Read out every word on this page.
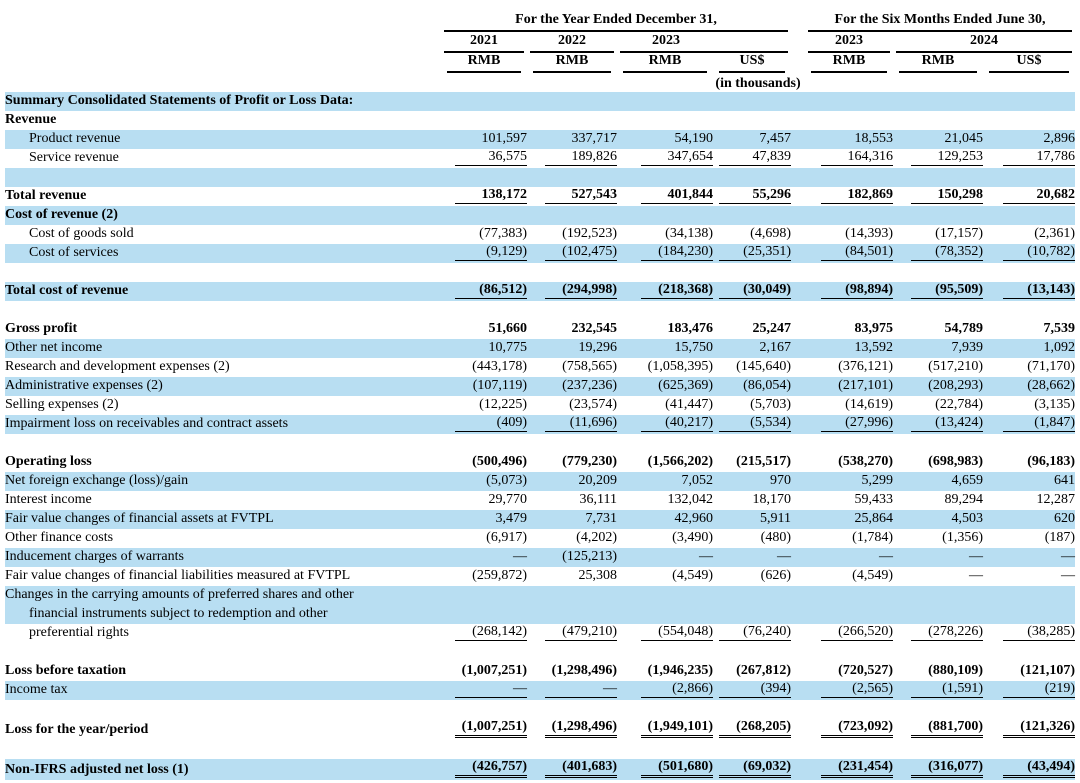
	For the Year Ended December 31,					For the Six Months Ended June 30,		

	2021	2022	2023			2023	2024	

	RMB	RMB	RMB	US$		RMB	RMB	US$

	(in thousands)							
Summary Consolidated Statements of Profit or Loss Data:								
Revenue								
Product revenue	101,597	337,717	54,190	7,457		18,553	21,045	2,896
Service revenue	36,575	189,826	347,654	47,839		164,316	129,253	17,786

Total revenue	138,172	527,543	401,844	55,296		182,869	150,298	20,682
Cost of revenue (2)								
Cost of goods sold	(77,383)	(192,523)	(34,138)	(4,698)		(14,393)	(17,157)	(2,361)
Cost of services	(9,129)	(102,475)	(184,230)	(25,351)		(84,501)	(78,352)	(10,782)

Total cost of revenue	(86,512)	(294,998)	(218,368)	(30,049)		(98,894)	(95,509)	(13,143)

Gross profit	51,660	232,545	183,476	25,247		83,975	54,789	7,539
Other net income	10,775	19,296	15,750	2,167		13,592	7,939	1,092
Research and development expenses (2)	(443,178)	(758,565)	(1,058,395)	(145,640)		(376,121)	(517,210)	(71,170)
Administrative expenses (2)	(107,119)	(237,236)	(625,369)	(86,054)		(217,101)	(208,293)	(28,662)
Selling expenses (2)	(12,225)	(23,574)	(41,447)	(5,703)		(14,619)	(22,784)	(3,135)
Impairment loss on receivables and contract assets	(409)	(11,696)	(40,217)	(5,534)		(27,996)	(13,424)	(1,847)

Operating loss	(500,496)	(779,230)	(1,566,202)	(215,517)		(538,270)	(698,983)	(96,183)
Net foreign exchange (loss)/gain	(5,073)	20,209	7,052	970		5,299	4,659	641
Interest income	29,770	36,111	132,042	18,170		59,433	89,294	12,287
Fair value changes of financial assets at FVTPL	3,479	7,731	42,960	5,911		25,864	4,503	620
Other finance costs	(6,917)	(4,202)	(3,490)	(480)		(1,784)	(1,356)	(187)
Inducement charges of warrants	—	(125,213)	—	—		—	—	—
Fair value changes of financial liabilities measured at FVTPL	(259,872)	25,308	(4,549)	(626)		(4,549)	—	—
Changes in the carrying amounts of preferred shares and other								
financial instruments subject to redemption and other								
preferential rights	(268,142)	(479,210)	(554,048)	(76,240)		(266,520)	(278,226)	(38,285)

Loss before taxation	(1,007,251)	(1,298,496)	(1,946,235)	(267,812)		(720,527)	(880,109)	(121,107)
Income tax	—	—	(2,866)	(394)		(2,565)	(1,591)	(219)

Loss for the year/period	(1,007,251)	(1,298,496)	(1,949,101)	(268,205)		(723,092)	(881,700)	(121,326)

Non-IFRS adjusted net loss (1)	(426,757)	(401,683)	(501,680)	(69,032)		(231,454)	(316,077)	(43,494)
